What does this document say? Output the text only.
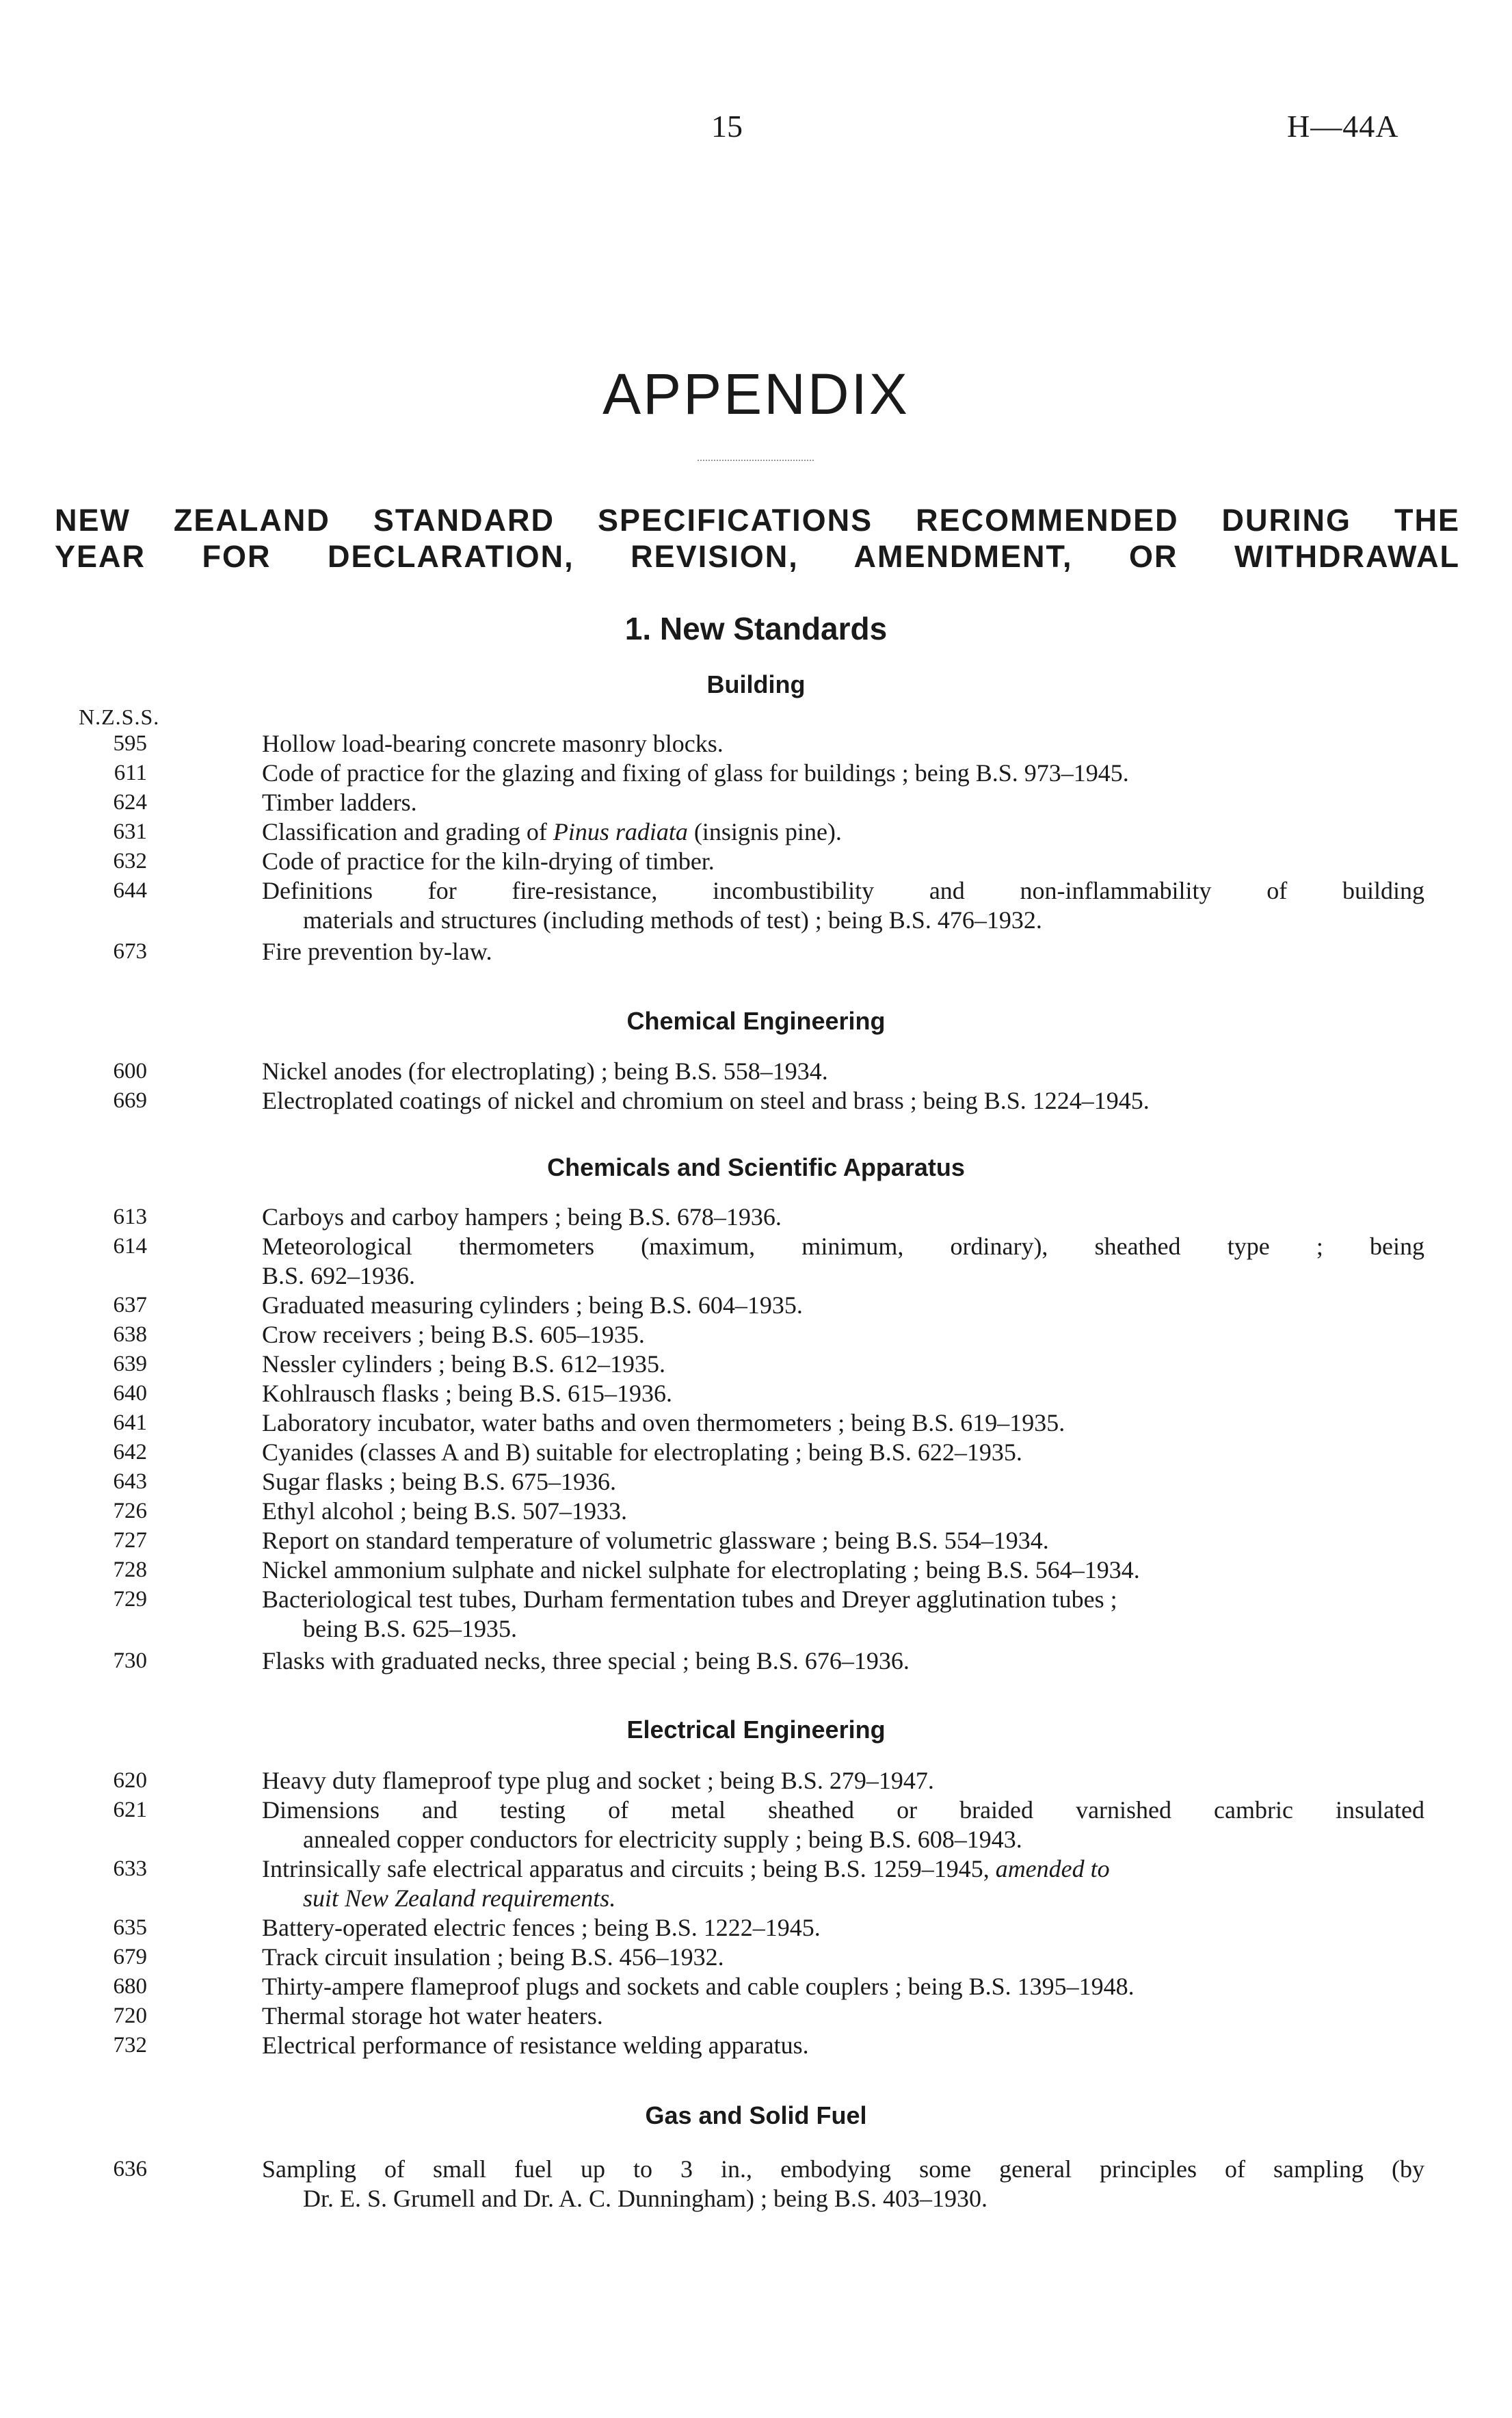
15	H—44A
APPENDIX
NEW ZEALAND STANDARD SPECIFICATIONS RECOMMENDED DURING THE
YEAR FOR DECLARATION, REVISION, AMENDMENT, OR WITHDRAWAL
1. New Standards
Building
N.Z.S.S.
595	Hollow load-bearing concrete masonry blocks.
611	Code of practice for the glazing and fixing of glass for buildings ; being B.S. 973–1945.
624	Timber ladders.
631	Classification and grading of Pinus radiata (insignis pine).
632	Code of practice for the kiln-drying of timber.
644	Definitions for fire-resistance, incombustibility and non-inflammability of building
materials and structures (including methods of test) ; being B.S. 476–1932.
673	Fire prevention by-law.
Chemical Engineering
600	Nickel anodes (for electroplating) ; being B.S. 558–1934.
669	Electroplated coatings of nickel and chromium on steel and brass ; being B.S. 1224–1945.
Chemicals and Scientific Apparatus
613	Carboys and carboy hampers ; being B.S. 678–1936.
614	Meteorological thermometers (maximum, minimum, ordinary), sheathed type ; being
B.S. 692–1936.
637	Graduated measuring cylinders ; being B.S. 604–1935.
638	Crow receivers ; being B.S. 605–1935.
639	Nessler cylinders ; being B.S. 612–1935.
640	Kohlrausch flasks ; being B.S. 615–1936.
641	Laboratory incubator, water baths and oven thermometers ; being B.S. 619–1935.
642	Cyanides (classes A and B) suitable for electroplating ; being B.S. 622–1935.
643	Sugar flasks ; being B.S. 675–1936.
726	Ethyl alcohol ; being B.S. 507–1933.
727	Report on standard temperature of volumetric glassware ; being B.S. 554–1934.
728	Nickel ammonium sulphate and nickel sulphate for electroplating ; being B.S. 564–1934.
729	Bacteriological test tubes, Durham fermentation tubes and Dreyer agglutination tubes ;
being B.S. 625–1935.
730	Flasks with graduated necks, three special ; being B.S. 676–1936.
Electrical Engineering
620	Heavy duty flameproof type plug and socket ; being B.S. 279–1947.
621	Dimensions and testing of metal sheathed or braided varnished cambric insulated
annealed copper conductors for electricity supply ; being B.S. 608–1943.
633	Intrinsically safe electrical apparatus and circuits ; being B.S. 1259–1945, amended to
suit New Zealand requirements.
635	Battery-operated electric fences ; being B.S. 1222–1945.
679	Track circuit insulation ; being B.S. 456–1932.
680	Thirty-ampere flameproof plugs and sockets and cable couplers ; being B.S. 1395–1948.
720	Thermal storage hot water heaters.
732	Electrical performance of resistance welding apparatus.
Gas and Solid Fuel
636	Sampling of small fuel up to 3 in., embodying some general principles of sampling (by
Dr. E. S. Grumell and Dr. A. C. Dunningham) ; being B.S. 403–1930.
